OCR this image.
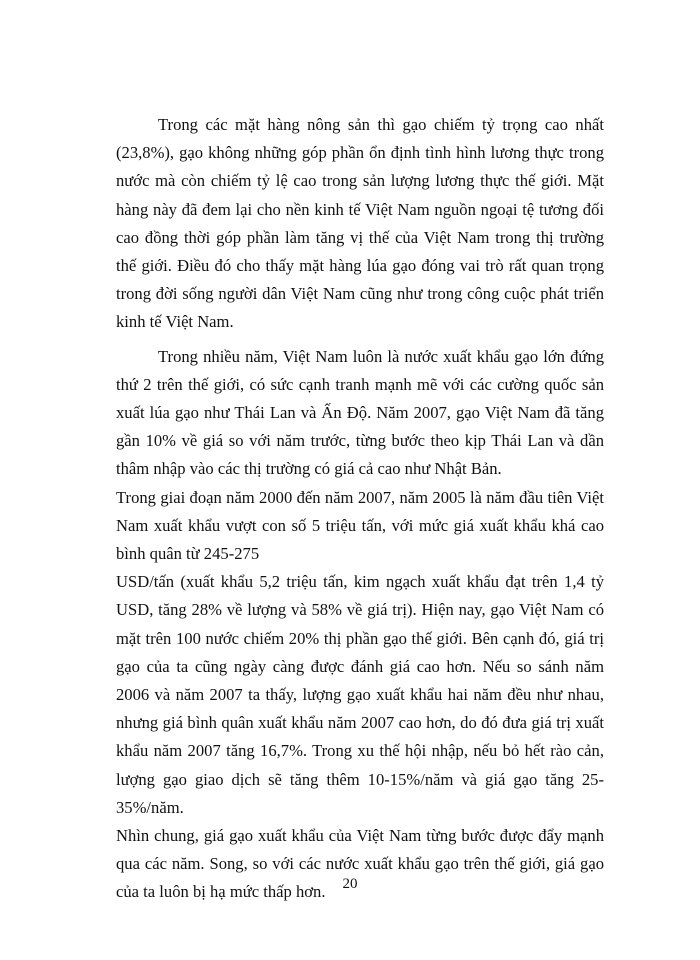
Trong các mặt hàng nông sản thì gạo chiếm tỷ trọng cao nhất (23,8%), gạo không những góp phần ổn định tình hình lương thực trong nước mà còn chiếm tỷ lệ cao trong sản lượng lương thực thế giới. Mặt hàng này đã đem lại cho nền kinh tế Việt Nam nguồn ngoại tệ tương đối cao đồng thời góp phần làm tăng vị thế của Việt Nam trong thị trường thế giới. Điều đó cho thấy mặt hàng lúa gạo đóng vai trò rất quan trọng trong đời sống người dân Việt Nam cũng như trong công cuộc phát triển kinh tế Việt Nam.

Trong nhiều năm, Việt Nam luôn là nước xuất khẩu gạo lớn đứng thứ 2 trên thế giới, có sức cạnh tranh mạnh mẽ với các cường quốc sản xuất lúa gạo như Thái Lan và Ấn Độ. Năm 2007, gạo Việt Nam đã tăng gần 10% về giá so với năm trước, từng bước theo kịp Thái Lan và dần thâm nhập vào các thị trường có giá cả cao như Nhật Bản.

Trong giai đoạn năm 2000 đến năm 2007, năm 2005 là năm đầu tiên Việt Nam xuất khẩu vượt con số 5 triệu tấn, với mức giá xuất khẩu khá cao bình quân từ 245-275

USD/tấn (xuất khẩu 5,2 triệu tấn, kim ngạch xuất khẩu đạt trên 1,4 tỷ USD, tăng 28% về lượng và 58% về giá trị). Hiện nay, gạo Việt Nam có mặt trên 100 nước chiếm 20% thị phần gạo thế giới. Bên cạnh đó, giá trị gạo của ta cũng ngày càng được đánh giá cao hơn. Nếu so sánh năm 2006 và năm 2007 ta thấy, lượng gạo xuất khẩu hai năm đều như nhau, nhưng giá bình quân xuất khẩu năm 2007 cao hơn, do đó đưa giá trị xuất khẩu năm 2007 tăng 16,7%. Trong xu thế hội nhập, nếu bỏ hết rào cản, lượng gạo giao dịch sẽ tăng thêm 10-15%/năm và giá gạo tăng 25-35%/năm.

Nhìn chung, giá gạo xuất khẩu của Việt Nam từng bước được đẩy mạnh qua các năm. Song, so với các nước xuất khẩu gạo trên thế giới, giá gạo của ta luôn bị hạ mức thấp hơn.	20
